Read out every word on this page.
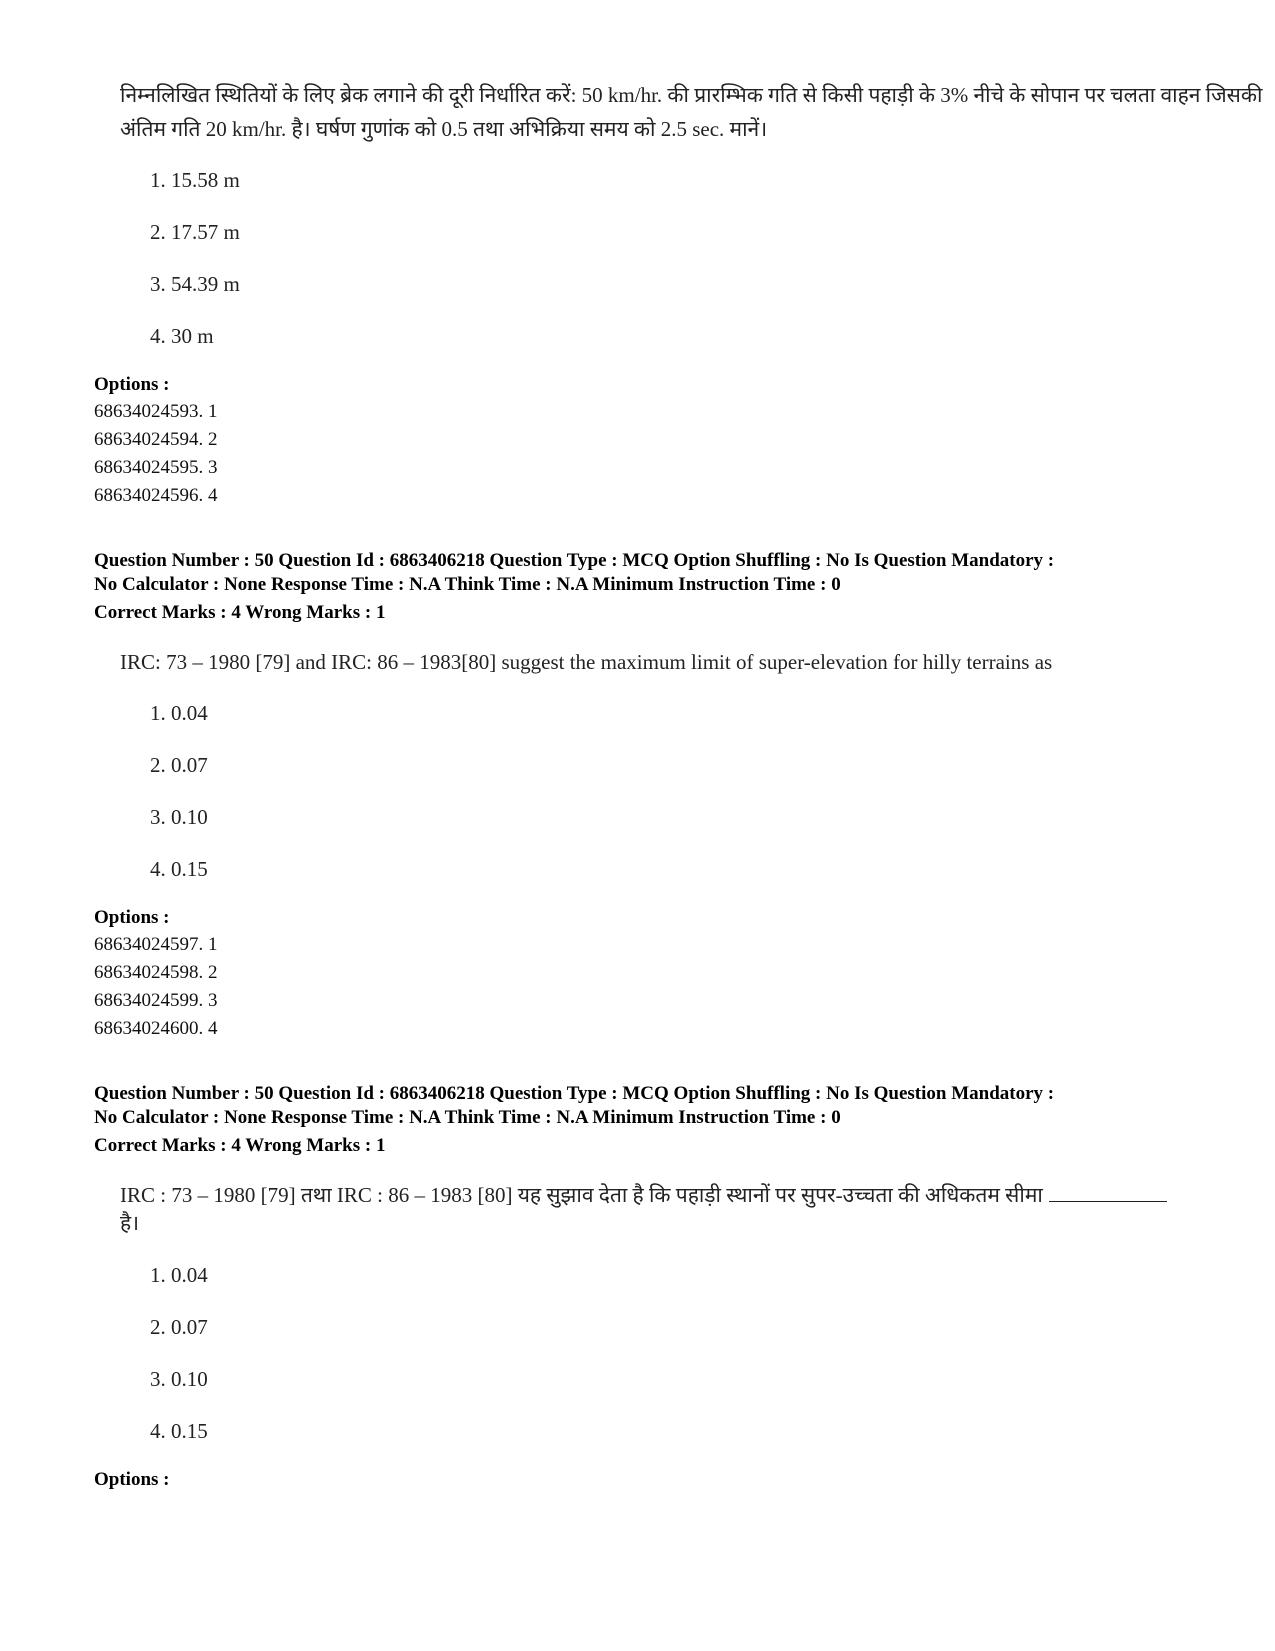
निम्नलिखित स्थितियों के लिए ब्रेक लगाने की दूरी निर्धारित करें: 50 km/hr. की प्रारम्भिक गति से किसी पहाड़ी के 3% नीचे के सोपान पर चलता वाहन जिसकी
अंतिम गति 20 km/hr. है। घर्षण गुणांक को 0.5 तथा अभिक्रिया समय को 2.5 sec. मानें।
1. 15.58 m
2. 17.57 m
3. 54.39 m
4. 30 m
Options :
68634024593. 1
68634024594. 2
68634024595. 3
68634024596. 4
Question Number : 50 Question Id : 6863406218 Question Type : MCQ Option Shuffling : No Is Question Mandatory :
No Calculator : None Response Time : N.A Think Time : N.A Minimum Instruction Time : 0
Correct Marks : 4 Wrong Marks : 1
IRC: 73 – 1980 [79] and IRC: 86 – 1983[80] suggest the maximum limit of super-elevation for hilly terrains as
1. 0.04
2. 0.07
3. 0.10
4. 0.15
Options :
68634024597. 1
68634024598. 2
68634024599. 3
68634024600. 4
Question Number : 50 Question Id : 6863406218 Question Type : MCQ Option Shuffling : No Is Question Mandatory :
No Calculator : None Response Time : N.A Think Time : N.A Minimum Instruction Time : 0
Correct Marks : 4 Wrong Marks : 1
IRC : 73 – 1980 [79] तथा IRC : 86 – 1983 [80] यह सुझाव देता है कि पहाड़ी स्थानों पर सुपर-उच्चता की अधिकतम सीमा
है।
1. 0.04
2. 0.07
3. 0.10
4. 0.15
Options :
